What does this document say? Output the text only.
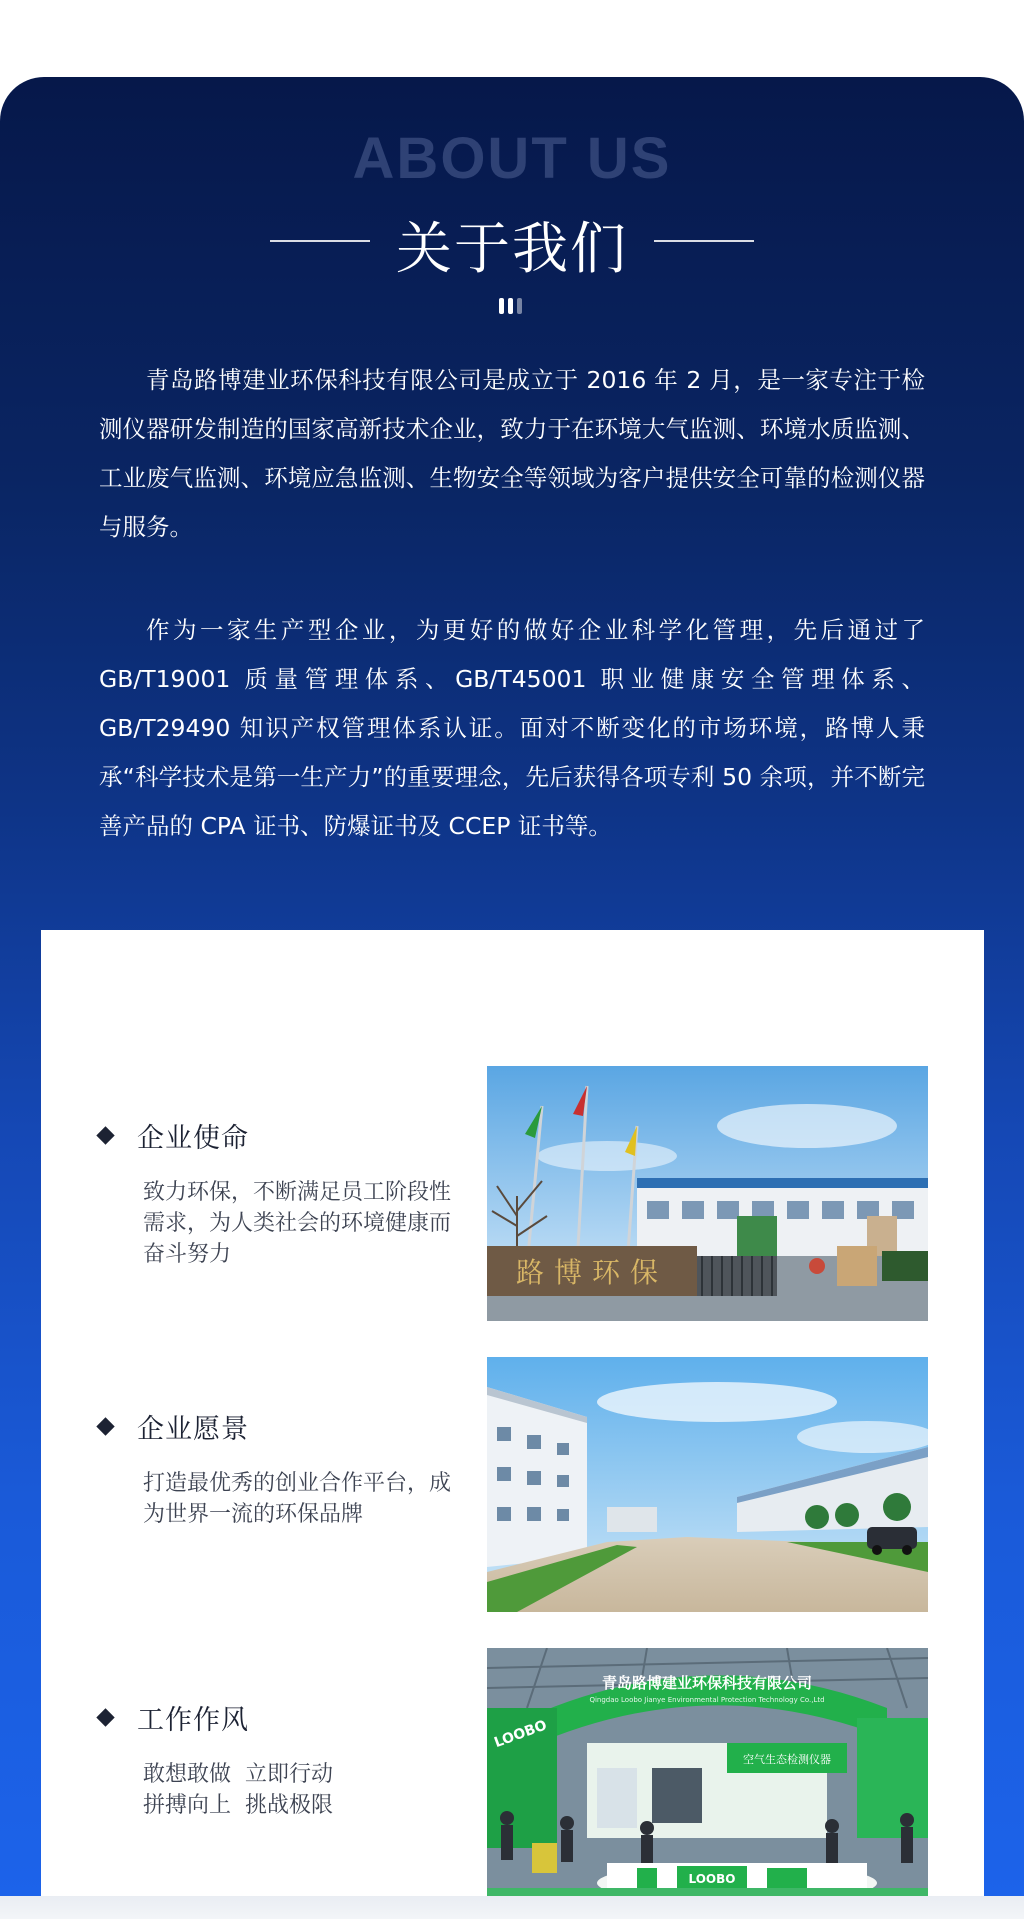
ABOUT US
关于我们

青岛路博建业环保科技有限公司是成立于 2016 年 2 月，是一家专注于检测仪器研发制造的国家高新技术企业，致力于在环境大气监测、环境水质监测、工业废气监测、环境应急监测、生物安全等领域为客户提供安全可靠的检测仪器与服务。

作为一家生产型企业，为更好的做好企业科学化管理，先后通过了 GB/T19001 质量管理体系、GB/T45001 职业健康安全管理体系、GB/T29490 知识产权管理体系认证。面对不断变化的市场环境，路博人秉承“科学技术是第一生产力”的重要理念，先后获得各项专利 50 余项，并不断完善产品的 CPA 证书、防爆证书及 CCEP 证书等。

企业使命

致力环保，不断满足员工阶段性需求，为人类社会的环境健康而奋斗努力

路博环保
企业愿景

打造最优秀的创业合作平台，成为世界一流的环保品牌

工作作风

敢想敢做  立即行动
拼搏向上  挑战极限

青岛路博建业环保科技有限公司
Qingdao Loobo Jianye Environmental Protection Technology Co.,Ltd
LOOBO
空气生态检测仪器
LOOBO
